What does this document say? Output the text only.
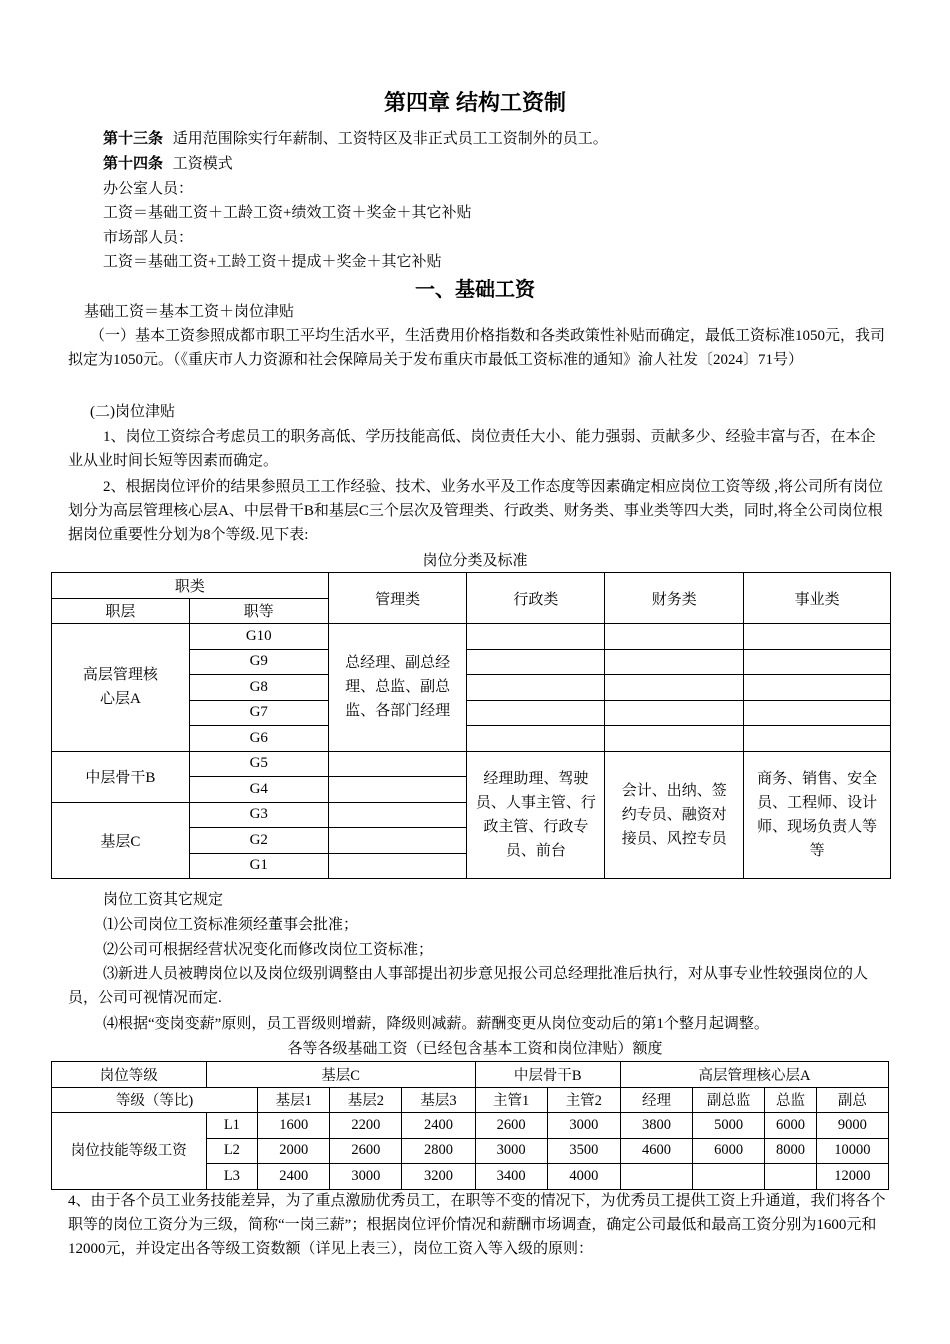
第四章 结构工资制
第十三条 适用范围除实行年薪制、工资特区及非正式员工工资制外的员工。
第十四条 工资模式
办公室人员：
工资＝基础工资＋工龄工资+绩效工资＋奖金＋其它补贴
市场部人员：
工资＝基础工资+工龄工资＋提成＋奖金＋其它补贴
一、基础工资
基础工资＝基本工资＋岗位津贴
（一）基本工资参照成都市职工平均生活水平，生活费用价格指数和各类政策性补贴而确定，最低工资标准1050元，我司拟定为1050元。（《重庆市人力资源和社会保障局关于发布重庆市最低工资标准的通知》渝人社发〔2024〕71号）
(二)岗位津贴
1、岗位工资综合考虑员工的职务高低、学历技能高低、岗位责任大小、能力强弱、贡献多少、经验丰富与否，在本企业从业时间长短等因素而确定。
2、根据岗位评价的结果参照员工工作经验、技术、业务水平及工作态度等因素确定相应岗位工资等级 ,将公司所有岗位划分为高层管理核心层A、中层骨干B和基层C三个层次及管理类、行政类、财务类、事业类等四大类，同时,将全公司岗位根据岗位重要性分划为8个等级.见下表:
岗位分类及标准
职类		管理类	行政类	财务类	事业类
职层	职等				
高层管理核心层A	G10	总经理、副总经理、总监、副总监、各部门经理			
	G9				
	G8				
	G7				
	G6				
中层骨干B	G5		经理助理、驾驶员、人事主管、行政主管、行政专员、前台	会计、出纳、签约专员、融资对接员、风控专员	商务、销售、安全员、工程师、设计师、现场负责人等等
	G4				
基层C	G3				
	G2				
	G1				
岗位工资其它规定
⑴公司岗位工资标准须经董事会批准；
⑵公司可根据经营状况变化而修改岗位工资标准；
⑶新进人员被聘岗位以及岗位级别调整由人事部提出初步意见报公司总经理批准后执行，对从事专业性较强岗位的人员，公司可视情况而定.
⑷根据“变岗变薪”原则，员工晋级则增薪，降级则减薪。薪酬变更从岗位变动后的第1个整月起调整。
各等各级基础工资（已经包含基本工资和岗位津贴）额度
岗位等级	基层C				中层骨干B		高层管理核心层A			
等级（等比)		基层1	基层2	基层3	主管1	主管2	经理	副总监	总监	副总
岗位技能等级工资	L1	1600	2200	2400	2600	3000	3800	5000	6000	9000
	L2	2000	2600	2800	3000	3500	4600	6000	8000	10000
	L3	2400	3000	3200	3400	4000				12000
4、由于各个员工业务技能差异，为了重点激励优秀员工，在职等不变的情况下，为优秀员工提供工资上升通道，我们将各个职等的岗位工资分为三级，简称“一岗三薪”；根据岗位评价情况和薪酬市场调查，确定公司最低和最高工资分别为1600元和12000元，并设定出各等级工资数额（详见上表三），岗位工资入等入级的原则：
